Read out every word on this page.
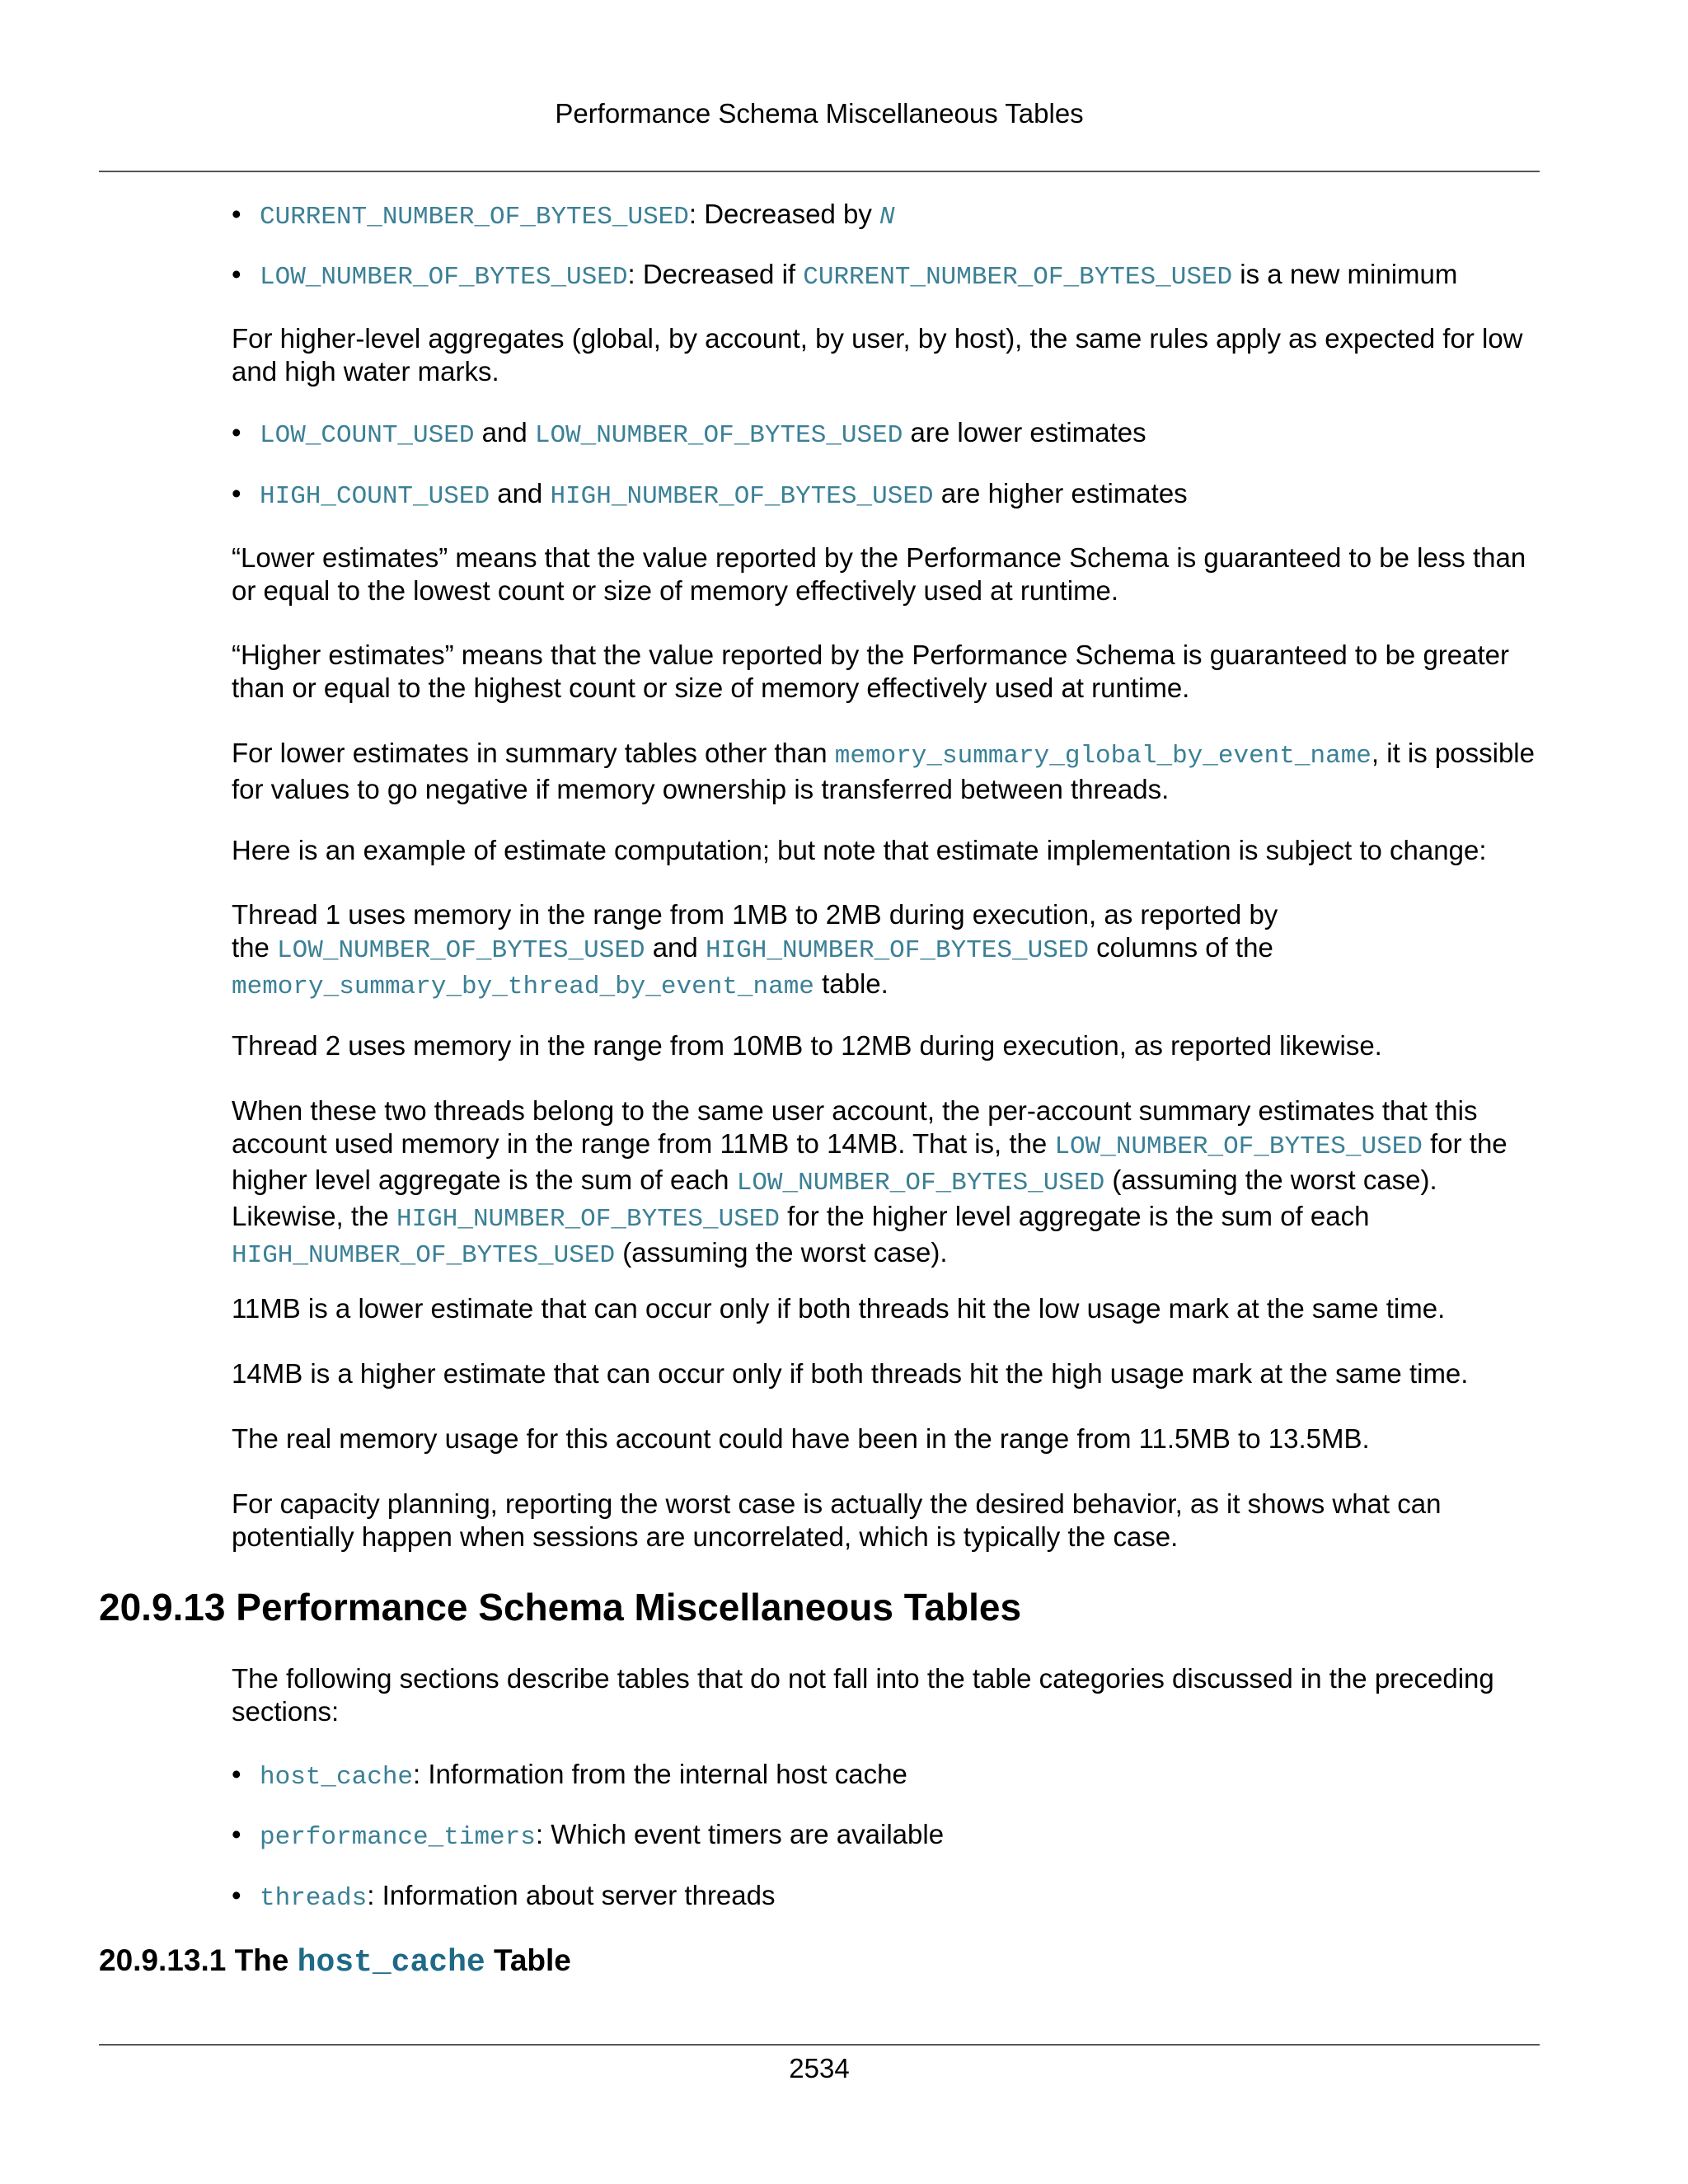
Performance Schema Miscellaneous Tables
• CURRENT_NUMBER_OF_BYTES_USED: Decreased by N
• LOW_NUMBER_OF_BYTES_USED: Decreased if CURRENT_NUMBER_OF_BYTES_USED is a new minimum
For higher-level aggregates (global, by account, by user, by host), the same rules apply as expected for low and high water marks.
• LOW_COUNT_USED and LOW_NUMBER_OF_BYTES_USED are lower estimates
• HIGH_COUNT_USED and HIGH_NUMBER_OF_BYTES_USED are higher estimates
“Lower estimates” means that the value reported by the Performance Schema is guaranteed to be less than or equal to the lowest count or size of memory effectively used at runtime.
“Higher estimates” means that the value reported by the Performance Schema is guaranteed to be greater than or equal to the highest count or size of memory effectively used at runtime.
For lower estimates in summary tables other than memory_summary_global_by_event_name, it is possible for values to go negative if memory ownership is transferred between threads.
Here is an example of estimate computation; but note that estimate implementation is subject to change:
Thread 1 uses memory in the range from 1MB to 2MB during execution, as reported by the LOW_NUMBER_OF_BYTES_USED and HIGH_NUMBER_OF_BYTES_USED columns of the memory_summary_by_thread_by_event_name table.
Thread 2 uses memory in the range from 10MB to 12MB during execution, as reported likewise.
When these two threads belong to the same user account, the per-account summary estimates that this account used memory in the range from 11MB to 14MB. That is, the LOW_NUMBER_OF_BYTES_USED for the higher level aggregate is the sum of each LOW_NUMBER_OF_BYTES_USED (assuming the worst case). Likewise, the HIGH_NUMBER_OF_BYTES_USED for the higher level aggregate is the sum of each HIGH_NUMBER_OF_BYTES_USED (assuming the worst case).
11MB is a lower estimate that can occur only if both threads hit the low usage mark at the same time.
14MB is a higher estimate that can occur only if both threads hit the high usage mark at the same time.
The real memory usage for this account could have been in the range from 11.5MB to 13.5MB.
For capacity planning, reporting the worst case is actually the desired behavior, as it shows what can potentially happen when sessions are uncorrelated, which is typically the case.
The following sections describe tables that do not fall into the table categories discussed in the preceding sections:
• host_cache: Information from the internal host cache
• performance_timers: Which event timers are available
• threads: Information about server threads
20.9.13 Performance Schema Miscellaneous Tables
20.9.13.1 The host_cache Table
2534
